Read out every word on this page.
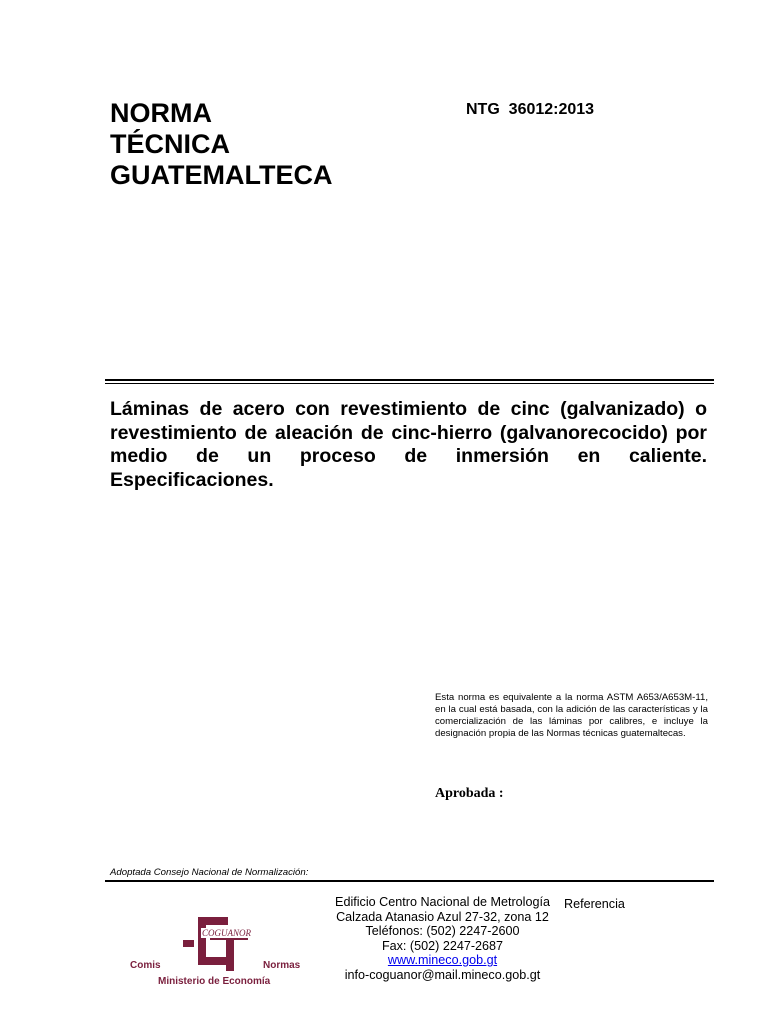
NORMA
TÉCNICA
GUATEMALTECA
NTG  36012:2013
Láminas de acero con revestimiento de cinc (galvanizado) o revestimiento de aleación de cinc-hierro (galvanorecocido) por medio de un proceso de inmersión en caliente. Especificaciones.
Esta norma es equivalente a la norma ASTM A653/A653M-11, en la cual está basada, con la adición de las características y la comercialización de las láminas por calibres, e incluye la designación propia de las Normas técnicas guatemaltecas.
Aprobada :
Adoptada Consejo Nacional de Normalización:
COGUANOR
Comis	Normas
Ministerio de Economía
Edificio Centro Nacional de Metrología
Calzada Atanasio Azul 27-32, zona 12
Teléfonos: (502) 2247-2600
Fax: (502) 2247-2687
www.mineco.gob.gt
info-coguanor@mail.mineco.gob.gt
Referencia
